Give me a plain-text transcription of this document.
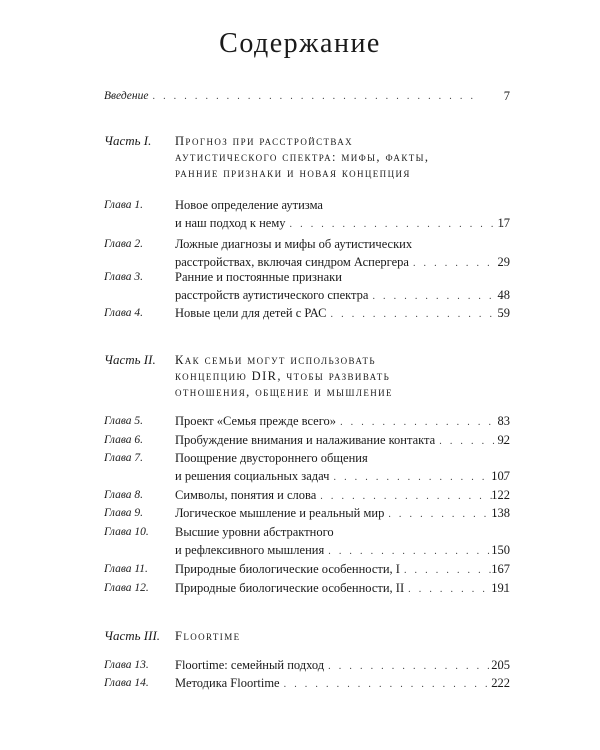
Содержание
Введение . . .	7
Часть I. Прогноз при расстройствах
аутистического спектра: мифы, факты,
ранние признаки и новая концепция
Глава 1.	Новое определение аутизма
и наш подход к нему . . .	17
Глава 2.	Ложные диагнозы и мифы об аутистических
расстройствах, включая синдром Аспергера . . .	29
Глава 3.	Ранние и постоянные признаки
расстройств аутистического спектра . . .	48
Глава 4.	Новые цели для детей с РАС . . .	59
Часть II. Как семьи могут использовать
концепцию DIR, чтобы развивать
отношения, общение и мышление
Глава 5.	Проект «Семья прежде всего» . . .	83
Глава 6.	Пробуждение внимания и налаживание контакта . . .	92
Глава 7.	Поощрение двустороннего общения
и решения социальных задач . . .	107
Глава 8.	Символы, понятия и слова . . .	122
Глава 9.	Логическое мышление и реальный мир . . .	138
Глава 10. Высшие уровни абстрактного
и рефлексивного мышления . . .	150
Глава 11. Природные биологические особенности, I . . .	167
Глава 12. Природные биологические особенности, II . . .	191
Часть III. Floortime
Глава 13. Floortime: семейный подход . . .	205
Глава 14. Методика Floortime . . .	222
